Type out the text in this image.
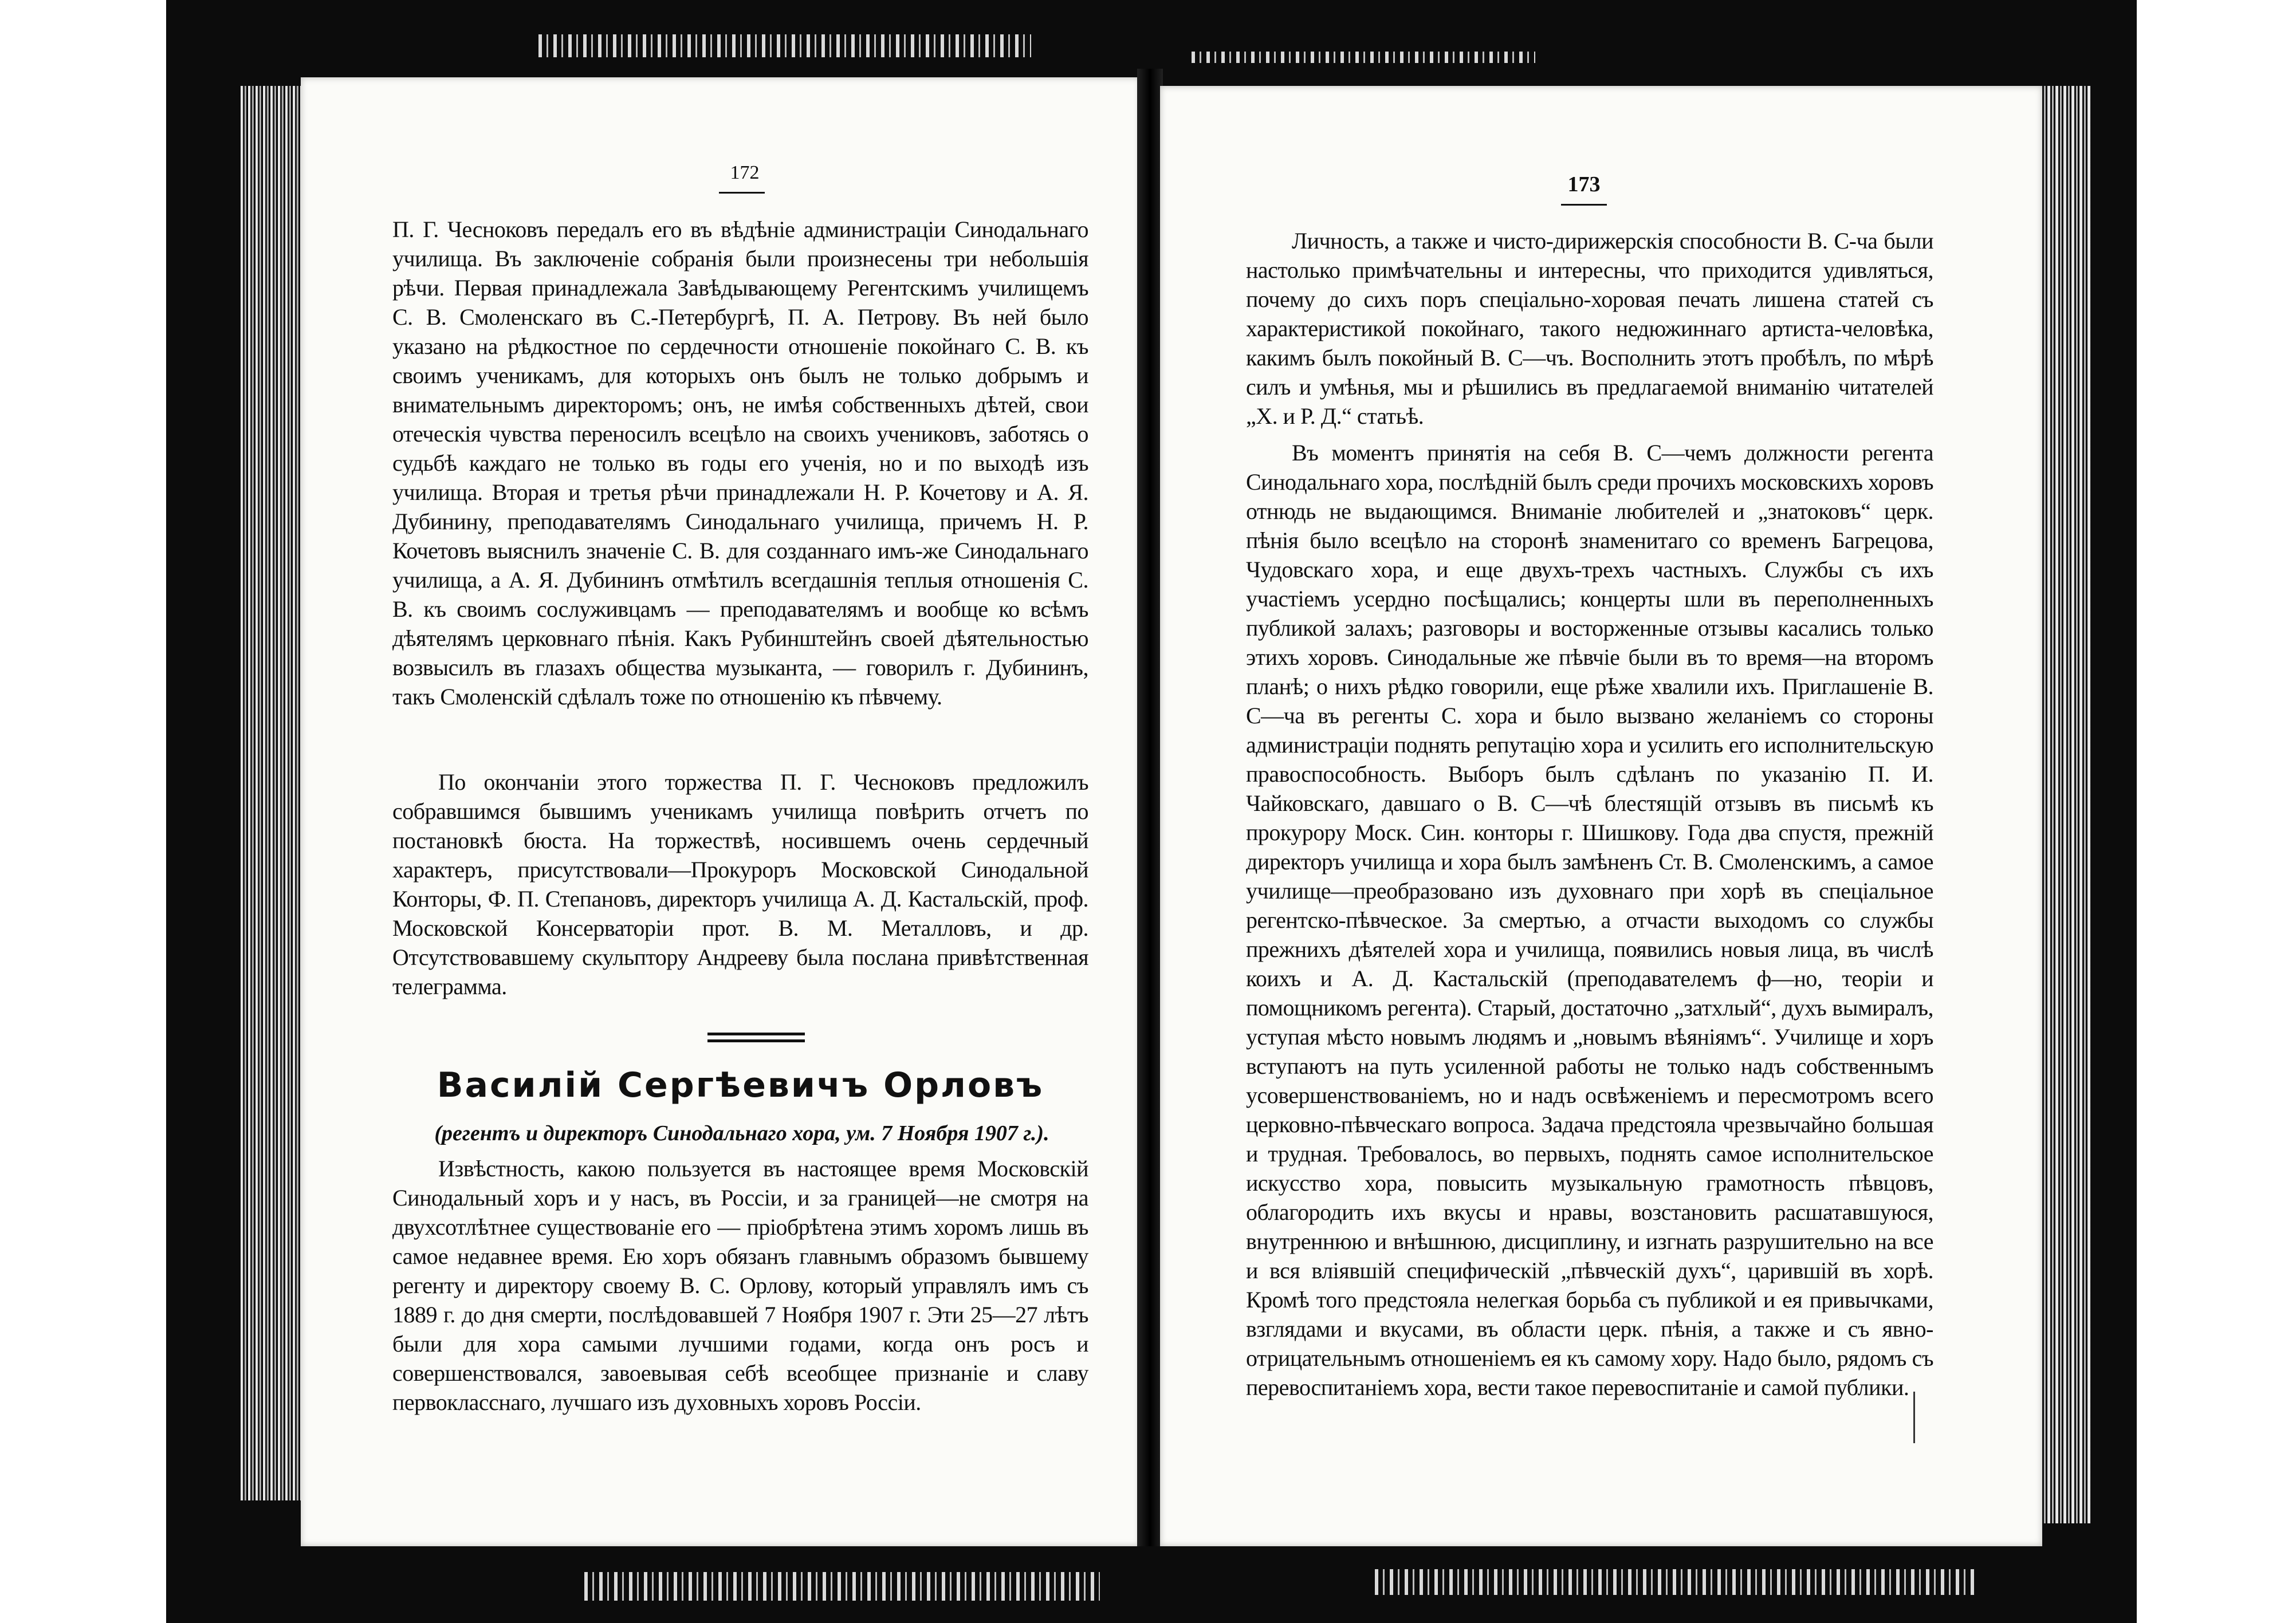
172

П. Г. Чесноковъ передалъ его въ вѣдѣніе администраціи Синодальнаго училища. Въ заключеніе собранія были произнесены три небольшія рѣчи. Первая принадлежала Завѣдывающему Регентскимъ училищемъ С. В. Смоленскаго въ С.-Петербургѣ, П. А. Петрову. Въ ней было указано на рѣдкостное по сердечности отношеніе покойнаго С. В. къ своимъ ученикамъ, для которыхъ онъ былъ не только добрымъ и внимательнымъ директоромъ; онъ, не имѣя собственныхъ дѣтей, свои отеческія чувства переносилъ всецѣло на своихъ учениковъ, заботясь о судьбѣ каждаго не только въ годы его ученія, но и по выходѣ изъ училища. Вторая и третья рѣчи принадлежали Н. Р. Кочетову и А. Я. Дубинину, преподавателямъ Синодальнаго училища, причемъ Н. Р. Кочетовъ выяснилъ значеніе С. В. для созданнаго имъ-же Синодальнаго училища, а А. Я. Дубининъ отмѣтилъ всегдашнія теплыя отношенія С. В. къ своимъ сослуживцамъ — преподавателямъ и вообще ко всѣмъ дѣятелямъ церковнаго пѣнія. Какъ Рубинштейнъ своей дѣятельностью возвысилъ въ глазахъ общества музыканта, — говорилъ г. Дубининъ, такъ Смоленскій сдѣлалъ тоже по отношенію къ пѣвчему.

По окончаніи этого торжества П. Г. Чесноковъ предложилъ собравшимся бывшимъ ученикамъ училища повѣрить отчетъ по постановкѣ бюста. На торжествѣ, носившемъ очень сердечный характеръ, присутствовали—Прокуроръ Московской Синодальной Конторы, Ф. П. Степановъ, директоръ училища А. Д. Кастальскій, проф. Московской Консерваторіи прот. В. М. Металловъ, и др. Отсутствовавшему скульптору Андрееву была послана привѣтственная телеграмма.

Василій Сергѣевичъ Орловъ
(регентъ и директоръ Синодальнаго хора, ум. 7 Ноября 1907 г.).

Извѣстность, какою пользуется въ настоящее время Московскій Синодальный хоръ и у насъ, въ Россіи, и за границей—не смотря на двухсотлѣтнее существованіе его — пріобрѣтена этимъ хоромъ лишь въ самое недавнее время. Ею хоръ обязанъ главнымъ образомъ бывшему регенту и директору своему В. С. Орлову, который управлялъ имъ съ 1889 г. до дня смерти, послѣдовавшей 7 Ноября 1907 г. Эти 25—27 лѣтъ были для хора самыми лучшими годами, когда онъ росъ и совершенствовался, завоевывая себѣ всеобщее признаніе и славу первокласснаго, лучшаго изъ духовныхъ хоровъ Россіи.

173

Личность, а также и чисто-дирижерскія способности В. С-ча были настолько примѣчательны и интересны, что приходится удивляться, почему до сихъ поръ спеціально-хоровая печать лишена статей съ характеристикой покойнаго, такого недюжиннаго артиста-человѣка, какимъ былъ покойный В. С—чъ. Восполнить этотъ пробѣлъ, по мѣрѣ силъ и умѣнья, мы и рѣшились въ предлагаемой вниманію читателей „Х. и Р. Д.“ статьѣ.

Въ моментъ принятія на себя В. С—чемъ должности регента Синодальнаго хора, послѣдній былъ среди прочихъ московскихъ хоровъ отнюдь не выдающимся. Вниманіе любителей и „знатоковъ“ церк. пѣнія было всецѣло на сторонѣ знаменитаго со временъ Багрецова, Чудовскаго хора, и еще двухъ-трехъ частныхъ. Службы съ ихъ участіемъ усердно посѣщались; концерты шли въ переполненныхъ публикой залахъ; разговоры и восторженные отзывы касались только этихъ хоровъ. Синодальные же пѣвчіе были въ то время—на второмъ планѣ; о нихъ рѣдко говорили, еще рѣже хвалили ихъ. Приглашеніе В. С—ча въ регенты С. хора и было вызвано желаніемъ со стороны администраціи поднять репутацію хора и усилить его исполнительскую правоспособность. Выборъ былъ сдѣланъ по указанію П. И. Чайковскаго, давшаго о В. С—чѣ блестящій отзывъ въ письмѣ къ прокурору Моск. Син. конторы г. Шишкову. Года два спустя, прежній директоръ училища и хора былъ замѣненъ Ст. В. Смоленскимъ, а самое училище—преобразовано изъ духовнаго при хорѣ въ спеціальное регентско-пѣвческое. За смертью, а отчасти выходомъ со службы прежнихъ дѣятелей хора и училища, появились новыя лица, въ числѣ коихъ и А. Д. Кастальскій (преподавателемъ ф—но, теоріи и помощникомъ регента). Старый, достаточно „затхлый“, духъ вымиралъ, уступая мѣсто новымъ людямъ и „новымъ вѣяніямъ“. Училище и хоръ вступаютъ на путь усиленной работы не только надъ собственнымъ усовершенствованіемъ, но и надъ освѣженіемъ и пересмотромъ всего церковно-пѣвческаго вопроса. Задача предстояла чрезвычайно большая и трудная. Требовалось, во первыхъ, поднять самое исполнительское искусство хора, повысить музыкальную грамотность пѣвцовъ, облагородить ихъ вкусы и нравы, возстановить расшатавшуюся, внутреннюю и внѣшнюю, дисциплину, и изгнать разрушительно на все и вся вліявшій специфическій „пѣвческій духъ“, царившій въ хорѣ. Кромѣ того предстояла нелегкая борьба съ публикой и ея привычками, взглядами и вкусами, въ области церк. пѣнія, а также и съ явно-отрицательнымъ отношеніемъ ея къ самому хору. Надо было, рядомъ съ перевоспитаніемъ хора, вести такое перевоспитаніе и самой публики.
